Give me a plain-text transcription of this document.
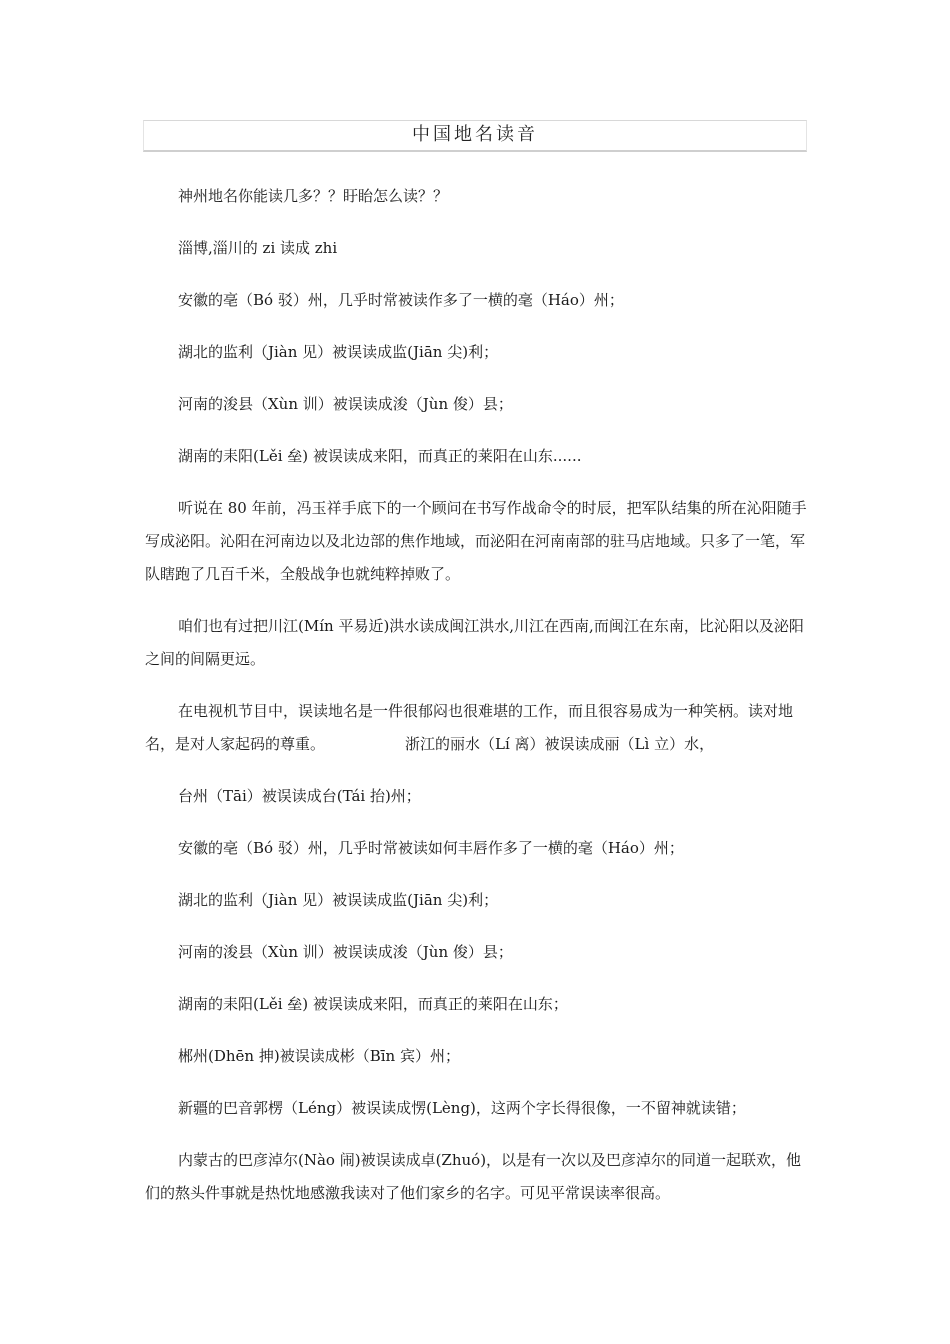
中国地名读音

神州地名你能读几多？？盱眙怎么读？？

淄博,淄川的 zi 读成 zhi

安徽的亳（Bó 驳）州，几乎时常被读作多了一横的毫（Háo）州；

湖北的监利（Jiàn 见）被误读成监(Jiān 尖)利；

河南的浚县（Xùn 训）被误读成浚（Jùn 俊）县；

湖南的耒阳(Lěi 垒) 被误读成来阳，而真正的莱阳在山东......

听说在 80 年前，冯玉祥手底下的一个顾问在书写作战命令的时辰，把军队结集的所在沁阳随手写成泌阳。沁阳在河南边以及北边部的焦作地域，而泌阳在河南南部的驻马店地域。只多了一笔，军队瞎跑了几百千米，全般战争也就纯粹掉败了。

咱们也有过把川江(Mín 平易近)洪水读成闽江洪水,川江在西南,而闽江在东南，比沁阳以及泌阳之间的间隔更远。

在电视机节目中，误读地名是一件很郁闷也很难堪的工作，而且很容易成为一种笑柄。读对地名，是对人家起码的尊重。	浙江的丽水（Lí 离）被误读成丽（Lì 立）水，

台州（Tāi）被误读成台(Tái 抬)州；

安徽的亳（Bó 驳）州，几乎时常被读如何丰唇作多了一横的毫（Háo）州；

湖北的监利（Jiàn 见）被误读成监(Jiān 尖)利；

河南的浚县（Xùn 训）被误读成浚（Jùn 俊）县；

湖南的耒阳(Lěi 垒) 被误读成来阳，而真正的莱阳在山东；

郴州(Dhēn 抻)被误读成彬（Bīn 宾）州；

新疆的巴音郭楞（Léng）被误读成愣(Lèng)，这两个字长得很像，一不留神就读错；

内蒙古的巴彦淖尔(Nào 闹)被误读成卓(Zhuó)，以是有一次以及巴彦淖尔的同道一起联欢，他们的熬头件事就是热忱地感激我读对了他们家乡的名字。可见平常误读率很高。
